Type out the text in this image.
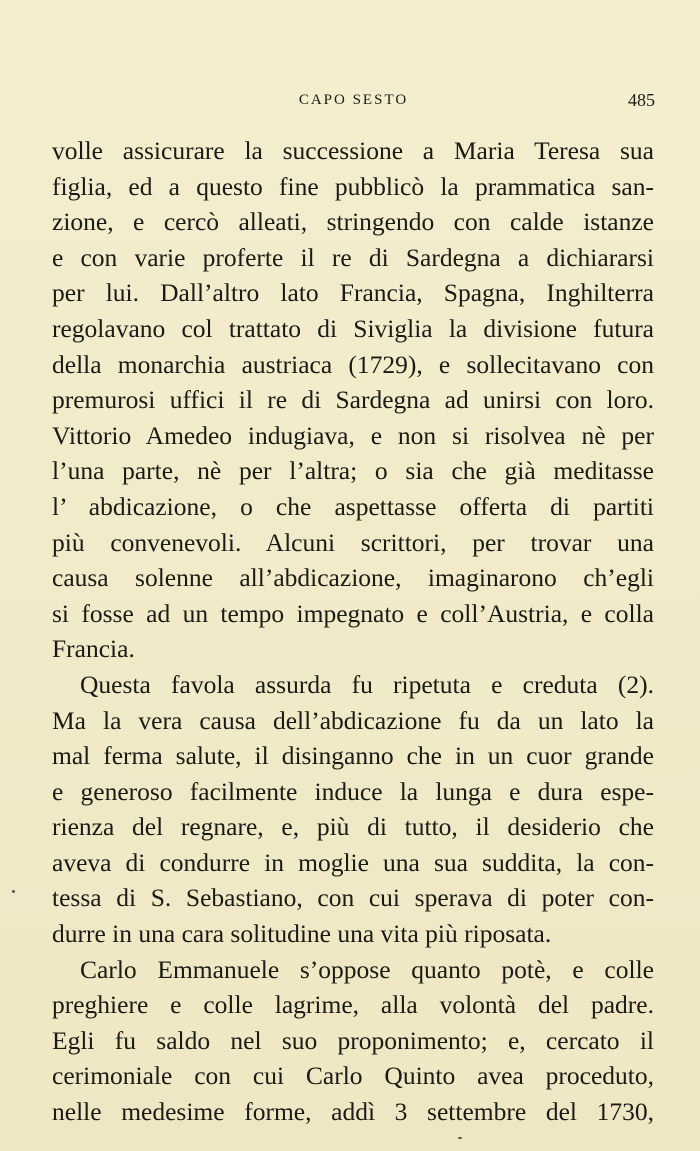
CAPO SESTO	485
volle assicurare la successione a Maria Teresa sua
figlia, ed a questo fine pubblicò la prammatica san-
zione, e cercò alleati, stringendo con calde istanze
e con varie proferte il re di Sardegna a dichiararsi
per lui. Dall’altro lato Francia, Spagna, Inghilterra
regolavano col trattato di Siviglia la divisione futura
della monarchia austriaca (1729), e sollecitavano con
premurosi uffici il re di Sardegna ad unirsi con loro.
Vittorio Amedeo indugiava, e non si risolvea nè per
l’una parte, nè per l’altra; o sia che già meditasse
l’ abdicazione, o che aspettasse offerta di partiti
più convenevoli. Alcuni scrittori, per trovar una
causa solenne all’abdicazione, imaginarono ch’egli
si fosse ad un tempo impegnato e coll’Austria, e colla
Francia.
Questa favola assurda fu ripetuta e creduta (2).
Ma la vera causa dell’abdicazione fu da un lato la
mal ferma salute, il disinganno che in un cuor grande
e generoso facilmente induce la lunga e dura espe-
rienza del regnare, e, più di tutto, il desiderio che
aveva di condurre in moglie una sua suddita, la con-
tessa di S. Sebastiano, con cui sperava di poter con-
durre in una cara solitudine una vita più riposata.
Carlo Emmanuele s’oppose quanto potè, e colle
preghiere e colle lagrime, alla volontà del padre.
Egli fu saldo nel suo proponimento; e, cercato il
cerimoniale con cui Carlo Quinto avea proceduto,
nelle medesime forme, addì 3 settembre del 1730,
